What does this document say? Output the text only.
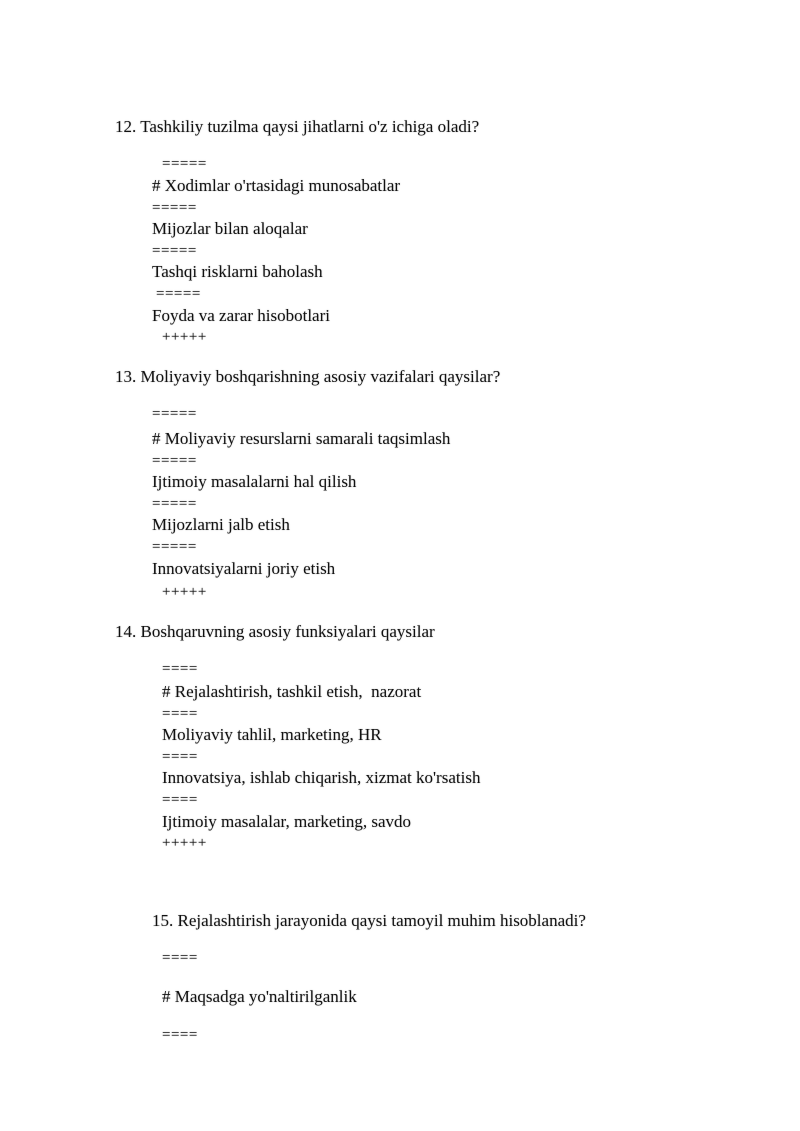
12. Tashkiliy tuzilma qaysi jihatlarni o'z ichiga oladi?
=====
# Xodimlar o'rtasidagi munosabatlar
=====
Mijozlar bilan aloqalar
=====
Tashqi risklarni baholash
=====
Foyda va zarar hisobotlari
+++++
13. Moliyaviy boshqarishning asosiy vazifalari qaysilar?
=====
# Moliyaviy resurslarni samarali taqsimlash
=====
Ijtimoiy masalalarni hal qilish
=====
Mijozlarni jalb etish
=====
Innovatsiyalarni joriy etish
+++++
14. Boshqaruvning asosiy funksiyalari qaysilar
====
# Rejalashtirish, tashkil etish,  nazorat
====
Moliyaviy tahlil, marketing, HR
====
Innovatsiya, ishlab chiqarish, xizmat ko'rsatish
====
Ijtimoiy masalalar, marketing, savdo
+++++
15. Rejalashtirish jarayonida qaysi tamoyil muhim hisoblanadi?
====
# Maqsadga yo'naltirilganlik
====
